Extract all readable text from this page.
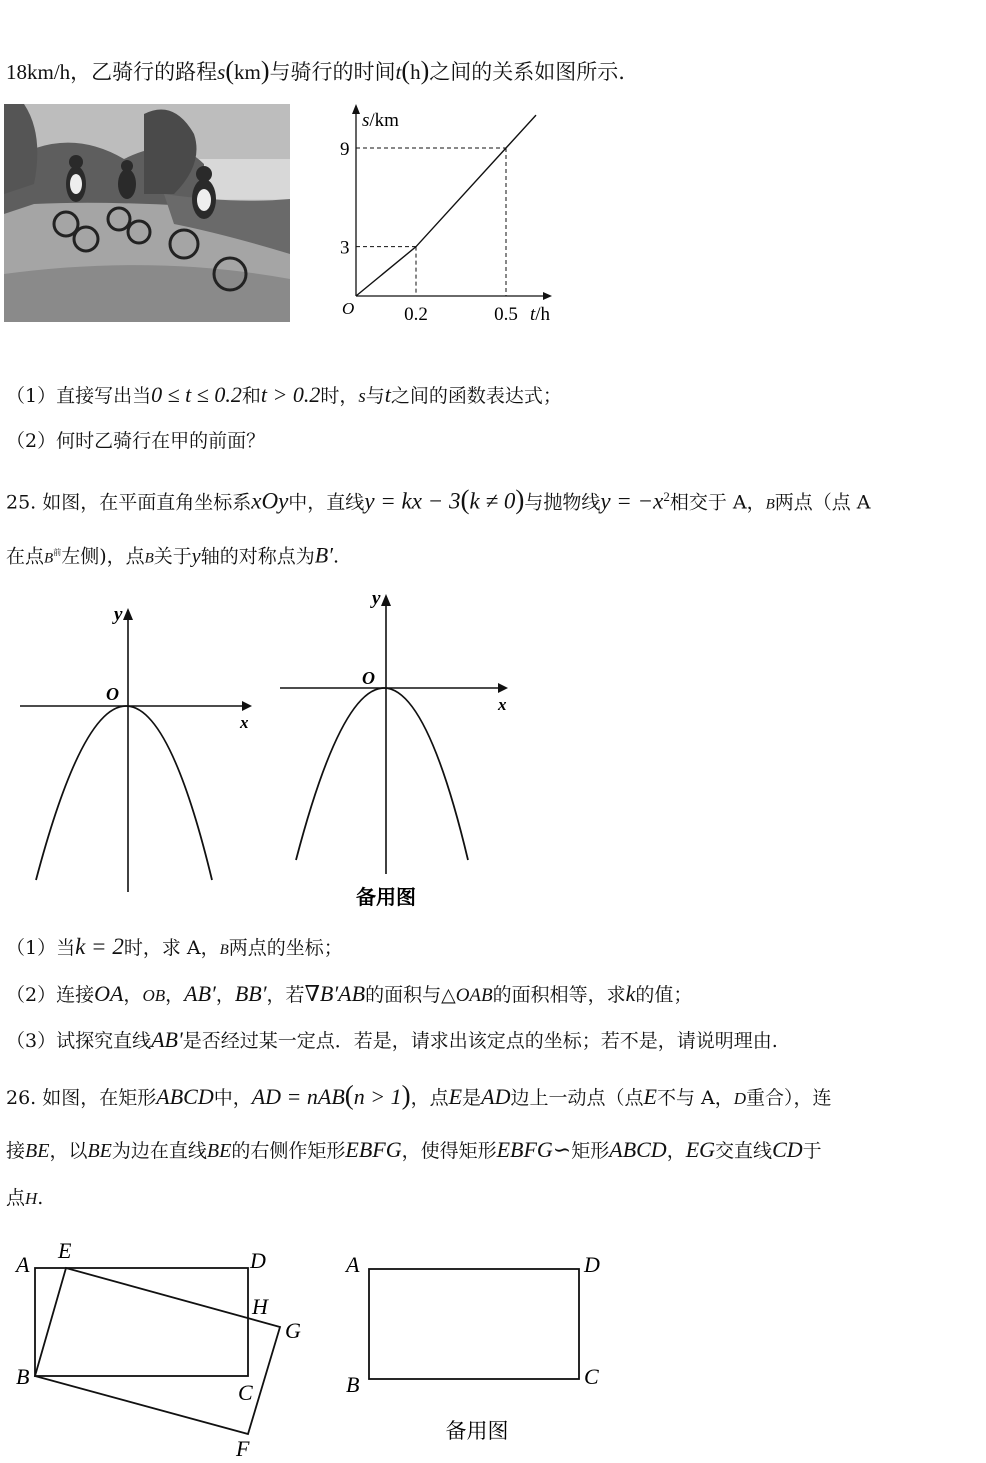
18km/h，乙骑行的路程s(km)与骑行的时间t(h)之间的关系如图所示.
s/km
t/h
O
3
9
0.2	0.5
（1）直接写出当0 ≤ t ≤ 0.2和t > 0.2时，s与t之间的函数表达式；
（2）何时乙骑行在甲的前面？
25. 如图，在平面直角坐标系xOy中，直线y = kx − 3(k ≠ 0)与抛物线$y = -x^2$相交于 A，B两点（点 A
在点$B^前$左侧)，点B关于y轴的对称点为B′.
y
x
O
y
x
O
备用图
（1）当k = 2时，求 A，B两点的坐标；
（2）连接OA，OB，AB′，BB′，若∇B′AB的面积与△OAB的面积相等，求k的值；
（3）试探究直线AB'是否经过某一定点．若是，请求出该定点的坐标；若不是，请说明理由.
26. 如图，在矩形ABCD中，AD = nAB(n > 1)，点E是AD边上一动点（点E不与 A，D重合），连
接BE，以BE为边在直线BE的右侧作矩形EBFG，使得矩形EBFG∽矩形ABCD，EG交直线CD于
点H.
A
E	D
H
G
B
C
F
A	D
B	C
备用图
